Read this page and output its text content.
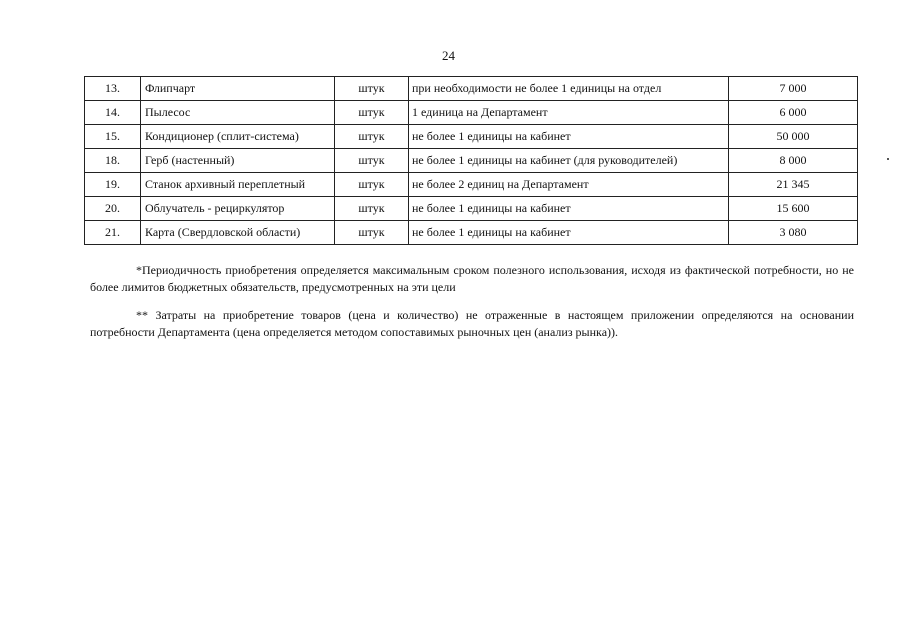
24
13.	Флипчарт	штук	при необходимости не более 1 единицы на отдел	7 000
14.	Пылесос	штук	1 единица на Департамент	6 000
15.	Кондиционер (сплит-система)	штук	не более 1 единицы на кабинет	50 000
18.	Герб (настенный)	штук	не более 1 единицы на кабинет (для руководителей)	8 000
19.	Станок архивный переплетный	штук	не более 2 единиц на Департамент	21 345
20.	Облучатель - рециркулятор	штук	не более 1 единицы на кабинет	15 600
21.	Карта (Свердловской области)	штук	не более 1 единицы на кабинет	3 080

*Периодичность приобретения определяется максимальным сроком полезного использования, исходя из фактической потребности, но не более лимитов бюджетных обязательств, предусмотренных на эти цели

** Затраты на приобретение товаров (цена и количество) не отраженные в настоящем приложении определяются на основании потребности Департамента (цена определяется методом сопоставимых рыночных цен (анализ рынка)).
